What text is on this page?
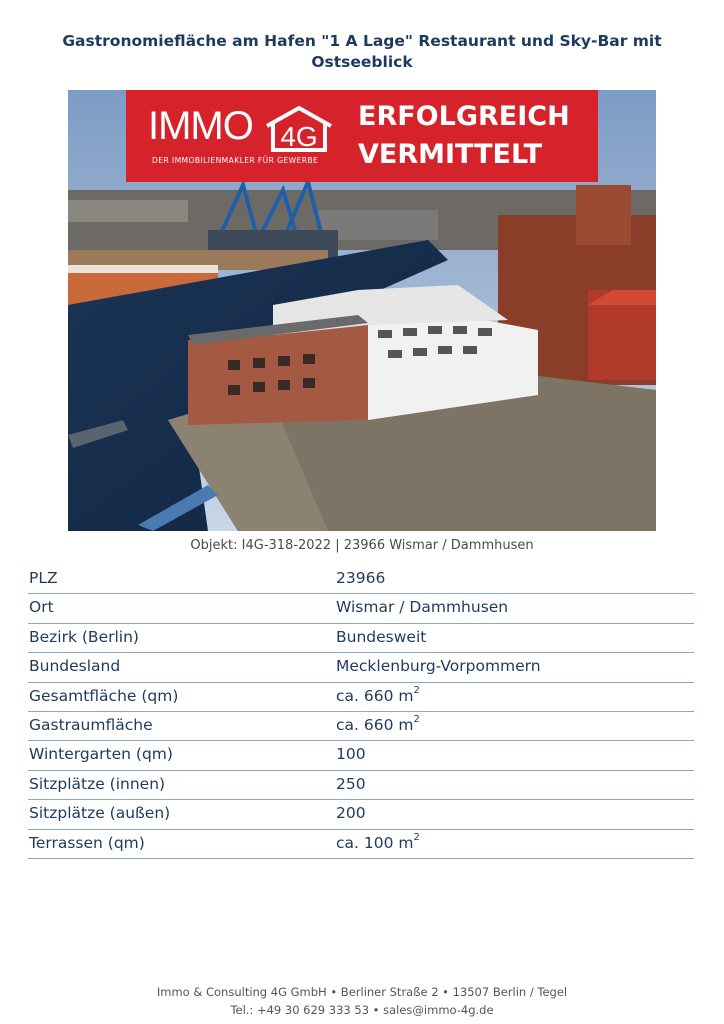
Gastronomiefläche am Hafen "1 A Lage" Restaurant und Sky-Bar mit Ostseeblick
IMMO 4G
DER IMMOBILIENMAKLER FÜR GEWERBE
ERFOLGREICH
VERMITTELT
Objekt: I4G-318-2022 | 23966 Wismar / Dammhusen
PLZ	23966
Ort	Wismar / Dammhusen
Bezirk (Berlin)	Bundesweit
Bundesland	Mecklenburg-Vorpommern
Gesamtfläche (qm)	ca. 660 $m^2$
Gastraumfläche	ca. 660 $m^2$
Wintergarten (qm)	100
Sitzplätze (innen)	250
Sitzplätze (außen)	200
Terrassen (qm)	ca. 100 $m^2$
Immo & Consulting 4G GmbH • Berliner Straße 2 • 13507 Berlin / Tegel
Tel.: +49 30 629 333 53 • sales@immo-4g.de
